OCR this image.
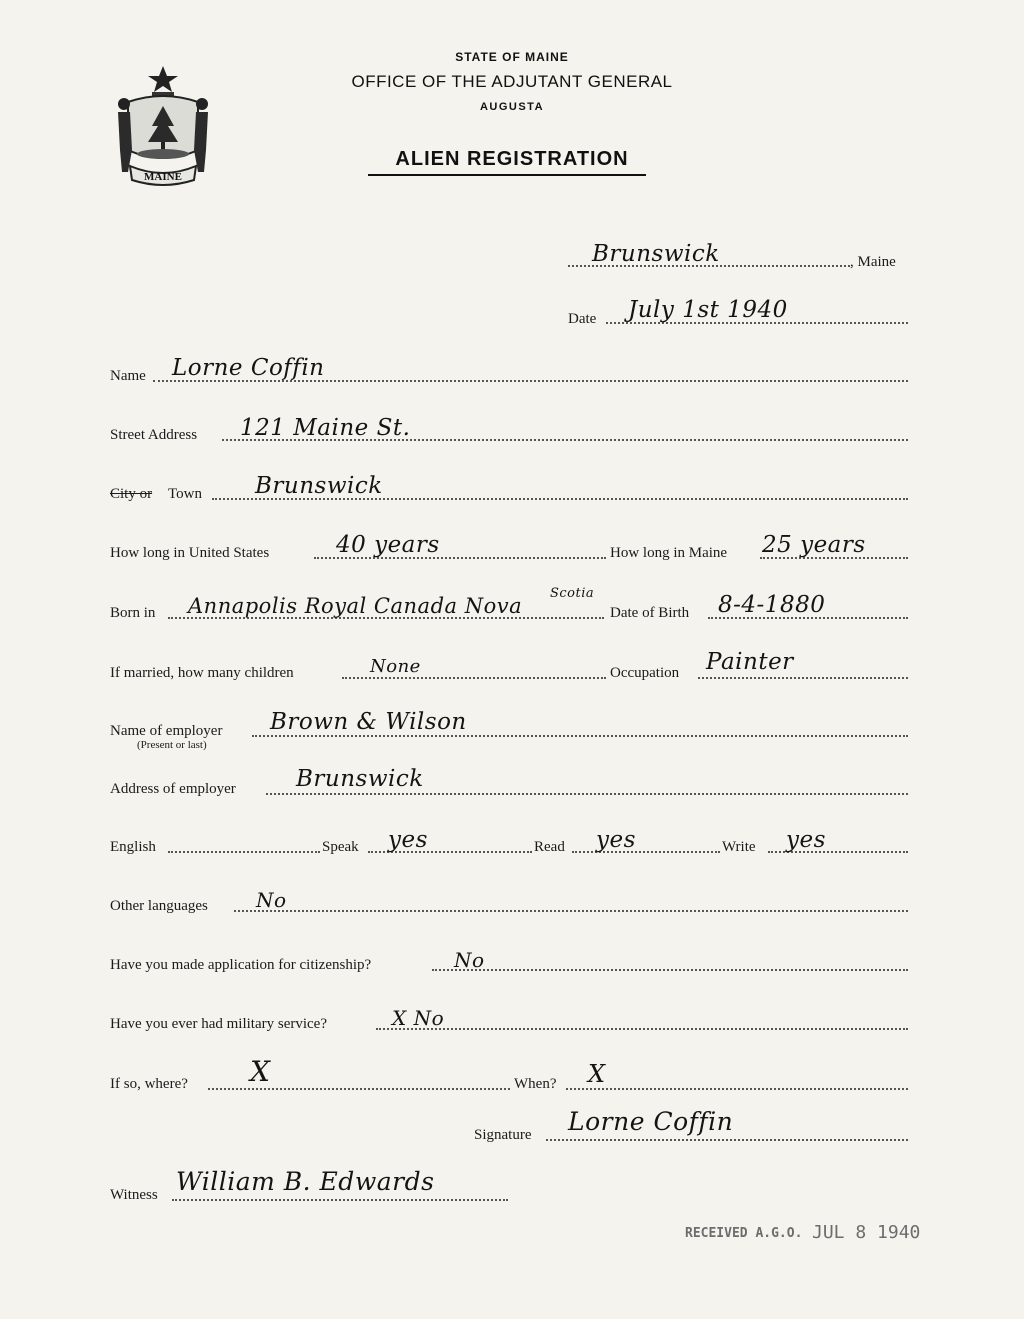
MAINE
STATE OF MAINE
OFFICE OF THE ADJUTANT GENERAL
AUGUSTA
ALIEN REGISTRATION
Brunswick	, Maine
Date July 1st 1940
Name Lorne Coffin
Street Address 121 Maine St.
City or Town Brunswick
How long in United States	40 years	How long in Maine 25 years
Born in Annapolis Royal Canada Nova
Scotia
Date of Birth 8-4-1880
If married, how many children	None	Occupation Painter
Name of employer
(Present or last)
Brown & Wilson
Address of employer	Brunswick
English	Speak yes	Read yes	Write yes
Other languages No
Have you made application for citizenship?	No
Have you ever had military service?	X No
If so, where? X	When? X
Signature Lorne Coffin
Witness William B. Edwards
RECEIVED A.G.O. JUL 8 1940
